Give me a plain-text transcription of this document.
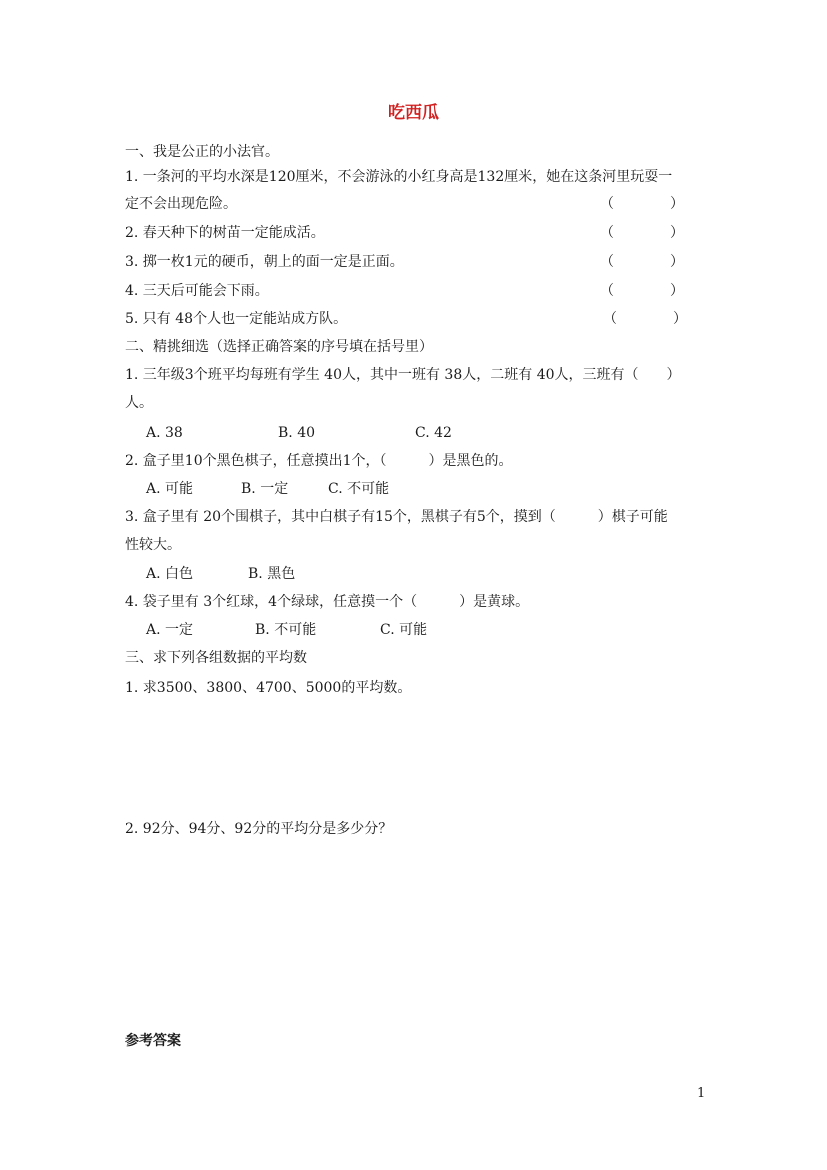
吃西瓜
一、我是公正的小法官。
1. 一条河的平均水深是120厘米，不会游泳的小红身高是132厘米，她在这条河里玩耍一
定不会出现危险。	（　　　　）
2. 春天种下的树苗一定能成活。	（　　　　）
3. 掷一枚1元的硬币，朝上的面一定是正面。	（　　　　）
4. 三天后可能会下雨。	（　　　　）
5. 只有 48个人也一定能站成方队。	（　　　　）
二、精挑细选（选择正确答案的序号填在括号里）
1. 三年级3个班平均每班有学生 40人，其中一班有 38人，二班有 40人，三班有（　　）
人。
A. 38	B. 40	C. 42
2. 盒子里10个黑色棋子，任意摸出1个，（　　　）是黑色的。
A. 可能	B. 一定	C. 不可能
3. 盒子里有 20个围棋子，其中白棋子有15个，黑棋子有5个，摸到（　　　）棋子可能
性较大。
A. 白色	B. 黑色
4. 袋子里有 3个红球，4个绿球，任意摸一个（　　　）是黄球。
A. 一定	B. 不可能	C. 可能
三、求下列各组数据的平均数
1. 求3500、3800、4700、5000的平均数。
2. 92分、94分、92分的平均分是多少分？
参考答案
1
